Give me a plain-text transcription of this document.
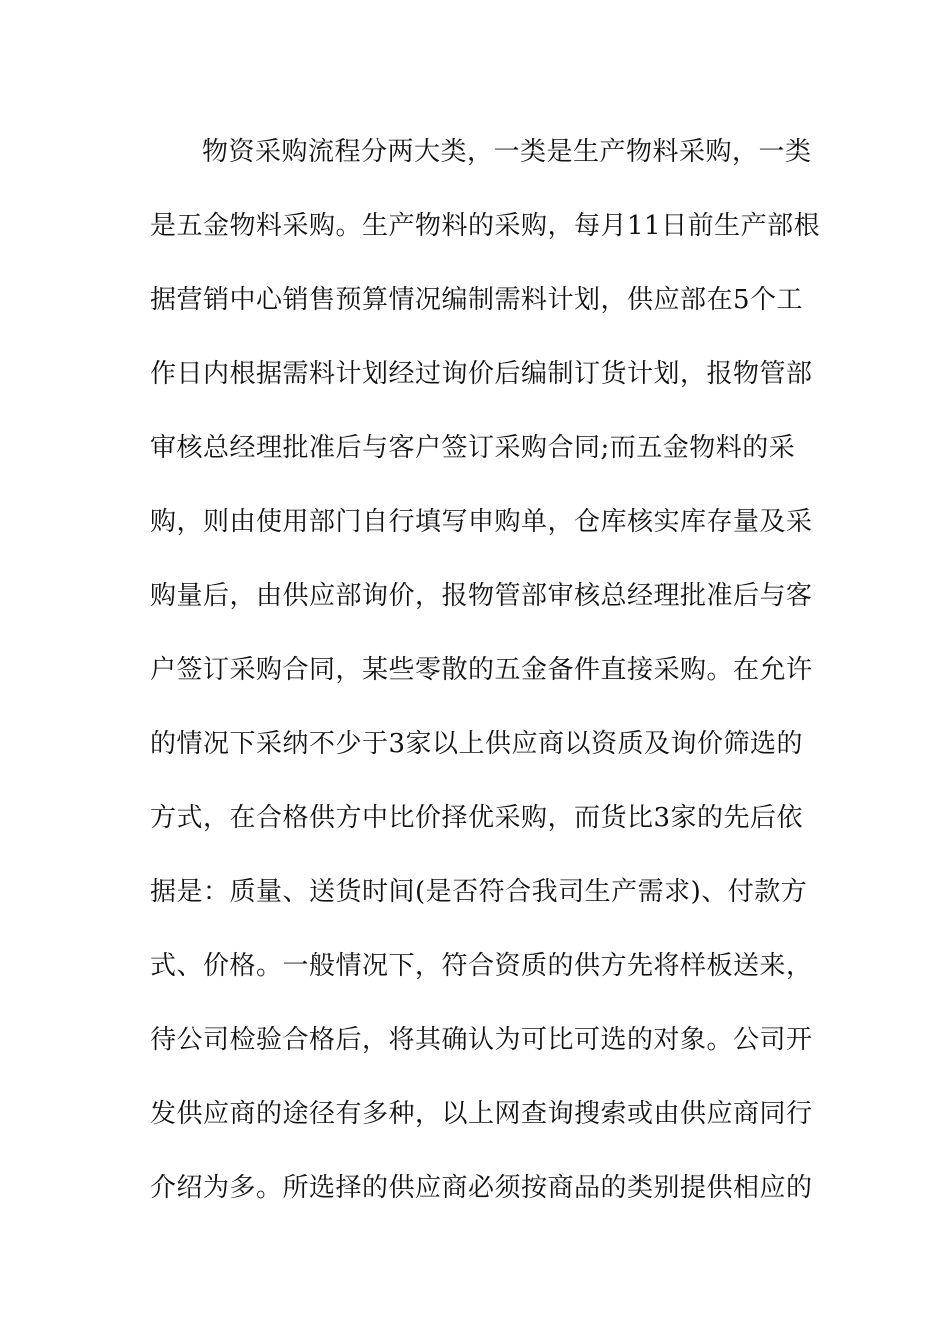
物资采购流程分两大类，一类是生产物料采购，一类
是五金物料采购。生产物料的采购，每月11日前生产部根
据营销中心销售预算情况编制需料计划，供应部在5个工
作日内根据需料计划经过询价后编制订货计划，报物管部
审核总经理批准后与客户签订采购合同;而五金物料的采
购，则由使用部门自行填写申购单，仓库核实库存量及采
购量后，由供应部询价，报物管部审核总经理批准后与客
户签订采购合同，某些零散的五金备件直接采购。在允许
的情况下采纳不少于3家以上供应商以资质及询价筛选的
方式，在合格供方中比价择优采购，而货比3家的先后依
据是：质量、送货时间(是否符合我司生产需求)、付款方
式、价格。一般情况下，符合资质的供方先将样板送来，
待公司检验合格后，将其确认为可比可选的对象。公司开
发供应商的途径有多种，以上网查询搜索或由供应商同行
介绍为多。所选择的供应商必须按商品的类别提供相应的
